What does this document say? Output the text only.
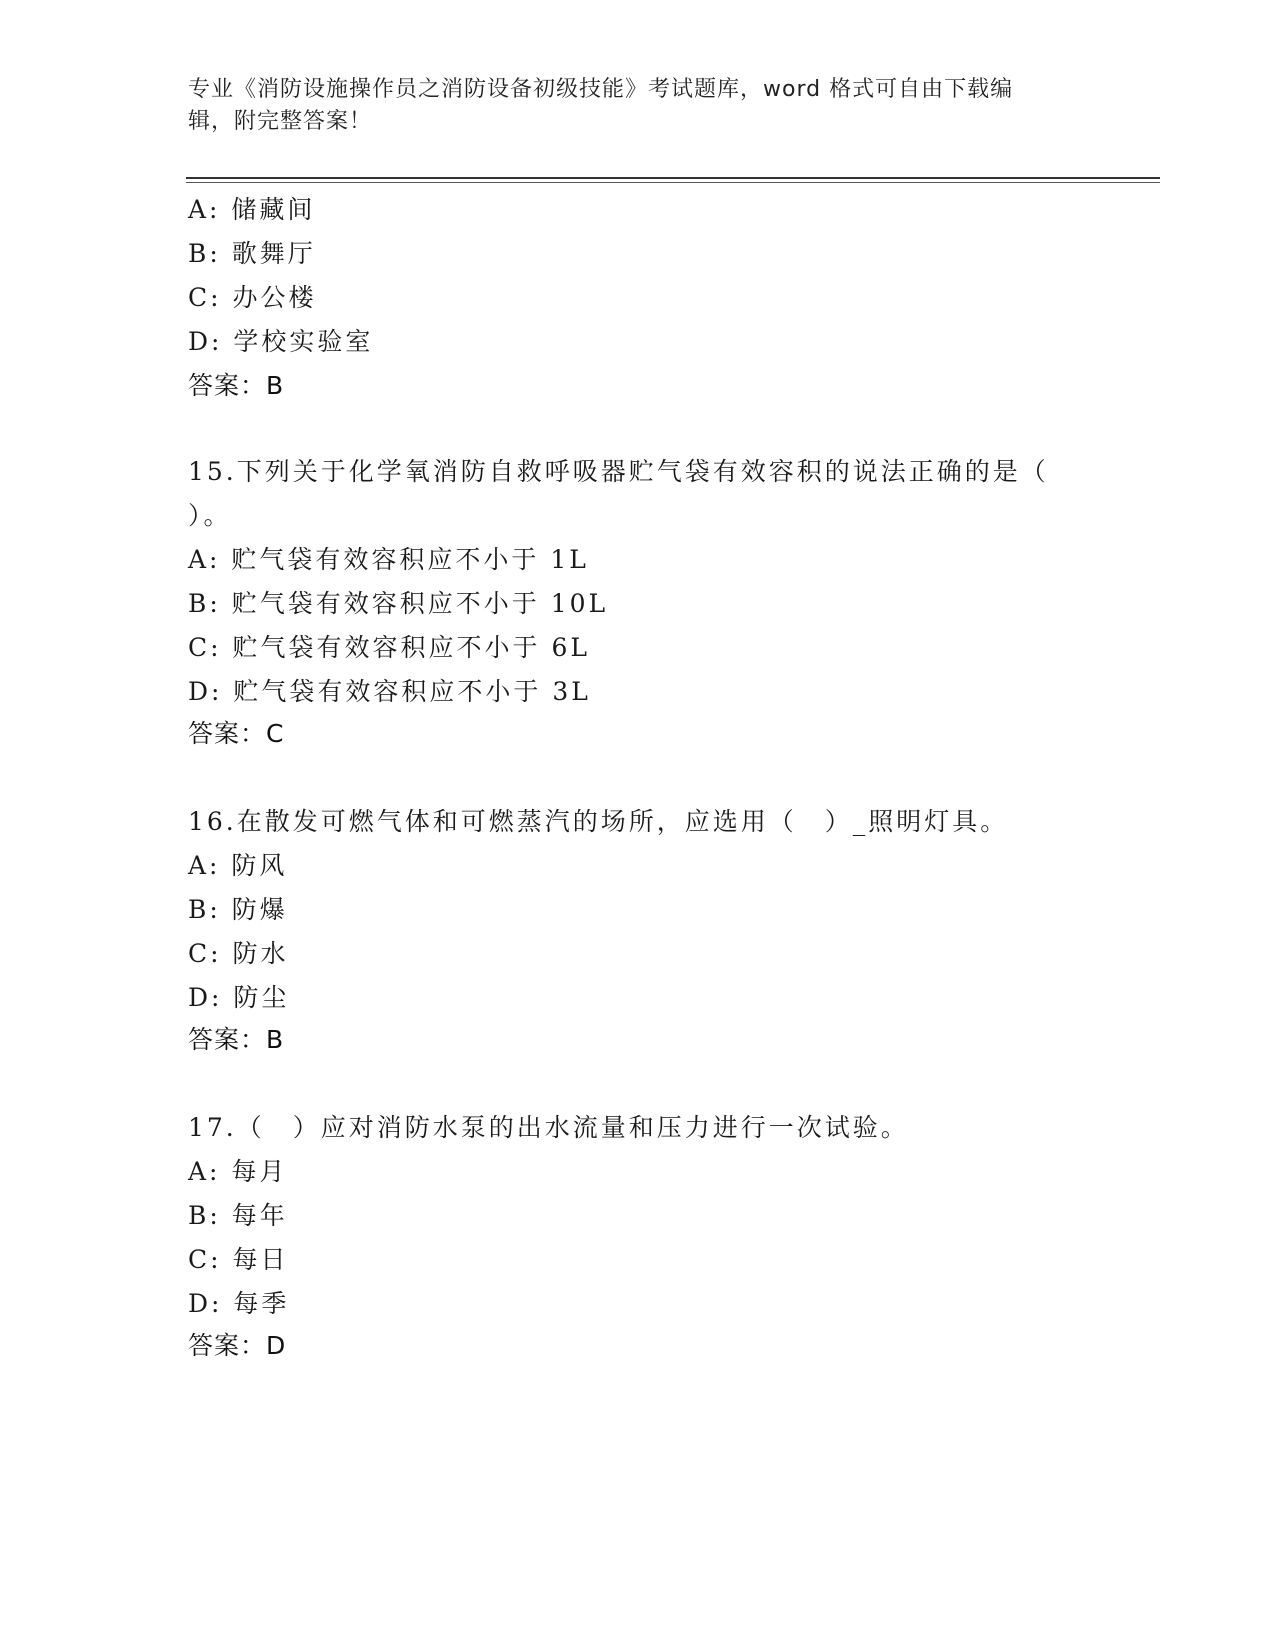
专业《消防设施操作员之消防设备初级技能》考试题库，word 格式可自由下载编
辑，附完整答案！
A: 储藏间
B: 歌舞厅
C: 办公楼
D: 学校实验室
答案：B
15.下列关于化学氧消防自救呼吸器贮气袋有效容积的说法正确的是（
）。
A: 贮气袋有效容积应不小于 1L
B: 贮气袋有效容积应不小于 10L
C: 贮气袋有效容积应不小于 6L
D: 贮气袋有效容积应不小于 3L
答案：C
16.在散发可燃气体和可燃蒸汽的场所，应选用（　）_照明灯具。
A: 防风
B: 防爆
C: 防水
D: 防尘
答案：B
17.（　）应对消防水泵的出水流量和压力进行一次试验。
A: 每月
B: 每年
C: 每日
D: 每季
答案：D
